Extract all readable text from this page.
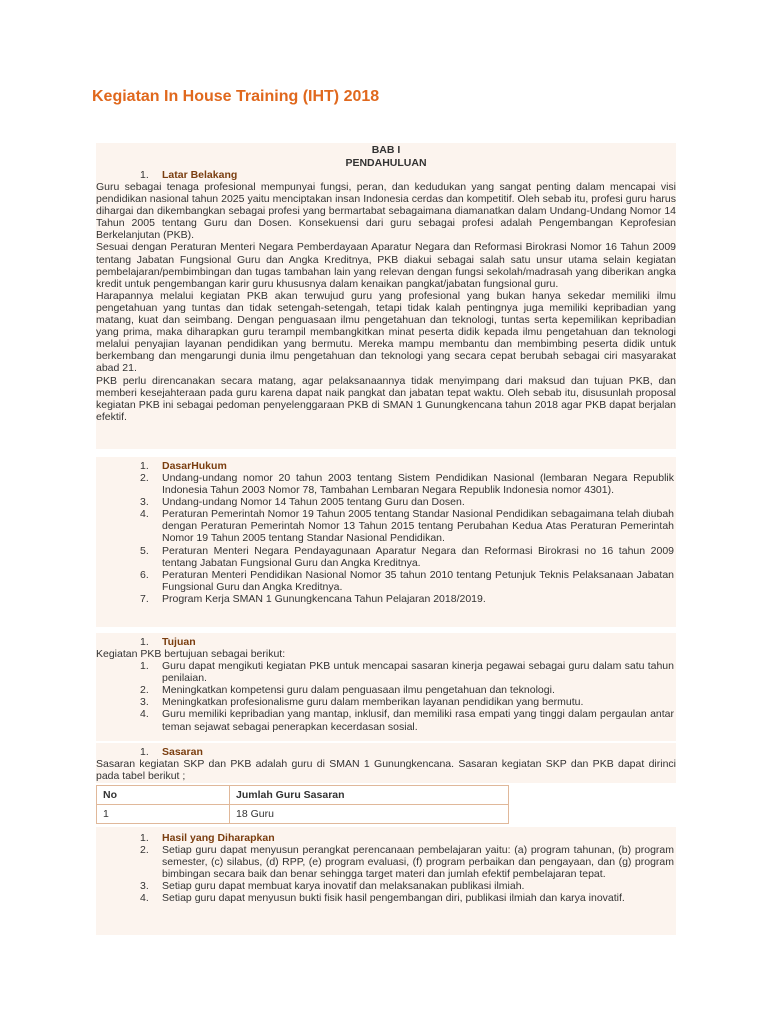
Kegiatan In House Training (IHT) 2018
BAB I
PENDAHULUAN
1. Latar Belakang

Guru sebagai tenaga profesional mempunyai fungsi, peran, dan kedudukan yang sangat penting dalam mencapai visi pendidikan nasional tahun 2025 yaitu menciptakan insan Indonesia cerdas dan kompetitif. Oleh sebab itu, profesi guru harus dihargai dan dikembangkan sebagai profesi yang bermartabat sebagaimana diamanatkan dalam Undang-Undang Nomor 14 Tahun 2005 tentang Guru dan Dosen. Konsekuensi dari guru sebagai profesi adalah Pengembangan Keprofesian Berkelanjutan (PKB).

Sesuai dengan Peraturan Menteri Negara Pemberdayaan Aparatur Negara dan Reformasi Birokrasi Nomor 16 Tahun 2009 tentang Jabatan Fungsional Guru dan Angka Kreditnya, PKB diakui sebagai salah satu unsur utama selain kegiatan pembelajaran/pembimbingan dan tugas tambahan lain yang relevan dengan fungsi sekolah/madrasah yang diberikan angka kredit untuk pengembangan karir guru khususnya dalam kenaikan pangkat/jabatan fungsional guru.

Harapannya melalui kegiatan PKB akan terwujud guru yang profesional yang bukan hanya sekedar memiliki ilmu pengetahuan yang tuntas dan tidak setengah-setengah, tetapi tidak kalah pentingnya juga memiliki kepribadian yang matang, kuat dan seimbang. Dengan penguasaan ilmu pengetahuan dan teknologi, tuntas serta kepemilikan kepribadian yang prima, maka diharapkan guru terampil membangkitkan minat peserta didik kepada ilmu pengetahuan dan teknologi melalui penyajian layanan pendidikan yang bermutu. Mereka mampu membantu dan membimbing peserta didik untuk berkembang dan mengarungi dunia ilmu pengetahuan dan teknologi yang secara cepat berubah sebagai ciri masyarakat abad 21.

PKB perlu direncanakan secara matang, agar pelaksanaannya tidak menyimpang dari maksud dan tujuan PKB, dan memberi kesejahteraan pada guru karena dapat naik pangkat dan jabatan tepat waktu. Oleh sebab itu, disusunlah proposal kegiatan PKB ini sebagai pedoman penyelenggaraan PKB di SMAN 1 Gunungkencana tahun 2018 agar PKB dapat berjalan efektif.

1. DasarHukum
2. Undang-undang nomor 20 tahun 2003 tentang Sistem Pendidikan Nasional (lembaran Negara Republik Indonesia Tahun 2003 Nomor 78, Tambahan Lembaran Negara Republik Indonesia nomor 4301).
3. Undang-undang Nomor 14 Tahun 2005 tentang Guru dan Dosen.
4. Peraturan Pemerintah Nomor 19 Tahun 2005 tentang Standar Nasional Pendidikan sebagaimana telah diubah dengan Peraturan Pemerintah Nomor 13 Tahun 2015 tentang Perubahan Kedua Atas Peraturan Pemerintah Nomor 19 Tahun 2005 tentang Standar Nasional Pendidikan.
5. Peraturan Menteri Negara Pendayagunaan Aparatur Negara dan Reformasi Birokrasi no 16 tahun 2009 tentang Jabatan Fungsional Guru dan Angka Kreditnya.
6. Peraturan Menteri Pendidikan Nasional Nomor 35 tahun 2010 tentang Petunjuk Teknis Pelaksanaan Jabatan Fungsional Guru dan Angka Kreditnya.
7. Program Kerja SMAN 1 Gunungkencana Tahun Pelajaran 2018/2019.
1. Tujuan

Kegiatan PKB bertujuan sebagai berikut:

1. Guru dapat mengikuti kegiatan PKB untuk mencapai sasaran kinerja pegawai sebagai guru dalam satu tahun penilaian.
2. Meningkatkan kompetensi guru dalam penguasaan ilmu pengetahuan dan teknologi.
3. Meningkatkan profesionalisme guru dalam memberikan layanan pendidikan yang bermutu.
4. Guru memiliki kepribadian yang mantap, inklusif, dan memiliki rasa empati yang tinggi dalam pergaulan antar teman sejawat sebagai penerapkan kecerdasan sosial.
1. Sasaran

Sasaran kegiatan SKP dan PKB adalah guru di SMAN 1 Gunungkencana. Sasaran kegiatan SKP dan PKB dapat dirinci pada tabel berikut ;

No	Jumlah Guru Sasaran
1	18 Guru
1. Hasil yang Diharapkan
2. Setiap guru dapat menyusun perangkat perencanaan pembelajaran yaitu: (a) program tahunan, (b) program semester, (c) silabus, (d) RPP, (e) program evaluasi, (f) program perbaikan dan pengayaan, dan (g) program bimbingan secara baik dan benar sehingga target materi dan jumlah efektif pembelajaran tepat.
3. Setiap guru dapat membuat karya inovatif dan melaksanakan publikasi ilmiah.
4. Setiap guru dapat menyusun bukti fisik hasil pengembangan diri, publikasi ilmiah dan karya inovatif.
